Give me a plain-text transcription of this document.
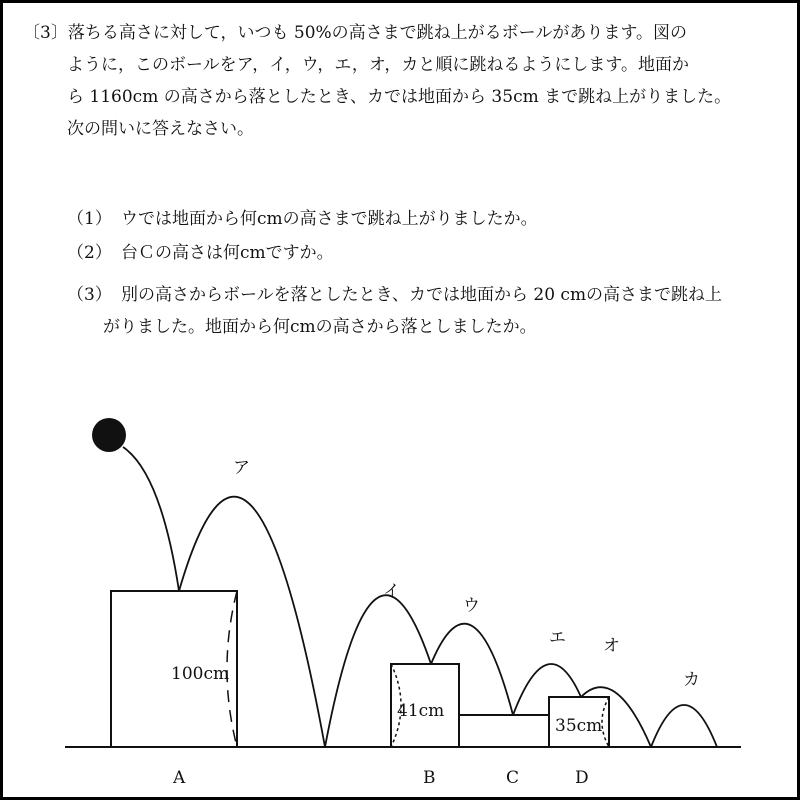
〔3〕落ちる高さに対して，いつも 50%の高さまで跳ね上がるボールがあります。図の
ように，このボールをア，イ，ウ，エ，オ，カと順に跳ねるようにします。地面か
ら 1160cm の高さから落としたとき、カでは地面から 35cm まで跳ね上がりました。
次の問いに答えなさい。
（1） ウでは地面から何cmの高さまで跳ね上がりましたか。
（2） 台Ｃの高さは何cmですか。
（3） 別の高さからボールを落としたとき、カでは地面から 20 cmの高さまで跳ね上
がりました。地面から何cmの高さから落としましたか。
100cm
41cm
35cm
ア
イ
ウ
エ オ
カ
A	B	C	D
